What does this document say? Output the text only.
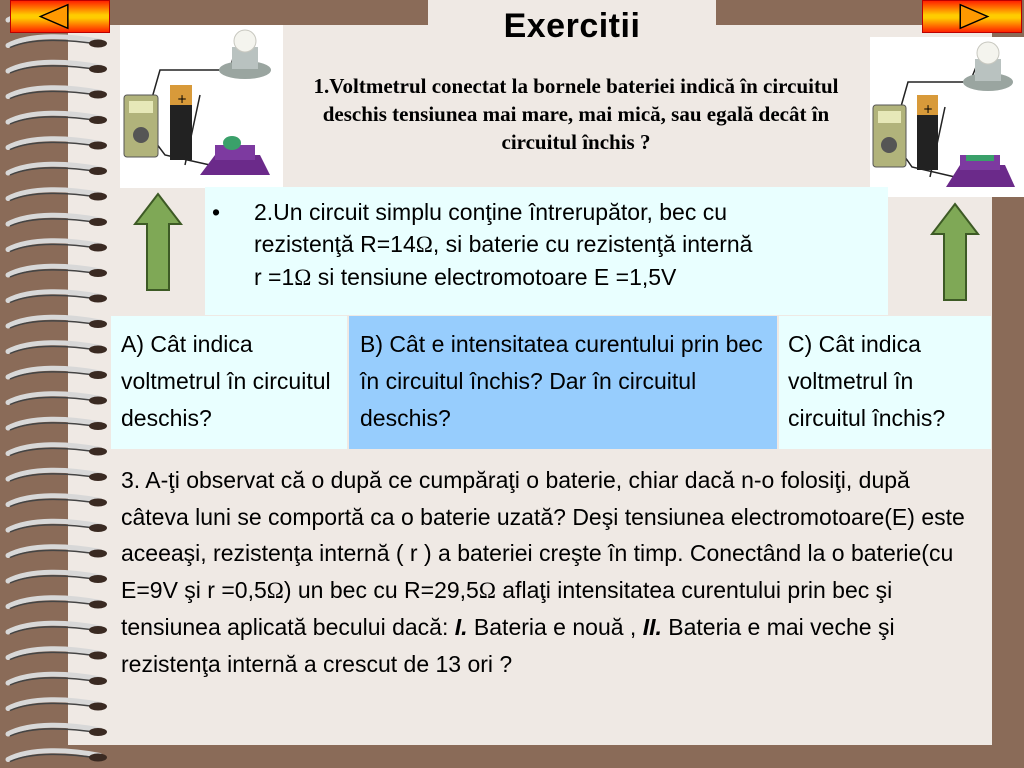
Exercitii
+
+

1.Voltmetrul conectat la bornele bateriei indică în circuitul deschis tensiunea mai mare, mai mică, sau egală decât în circuitul închis ?

• 2.Un circuit simplu conţine întrerupător, bec cu
rezistenţă R=14Ω, si baterie cu rezistenţă internă
r =1Ω si tensiune electromotoare E =1,5V

A) Cât indica voltmetrul în circuitul deschis?
B) Cât e intensitatea curentului prin bec în circuitul închis? Dar în circuitul deschis?
C) Cât indica voltmetrul în circuitul închis?

3. A-ţi observat că o după ce cumpăraţi o baterie, chiar dacă n-o folosiţi, după câteva luni se comportă ca o baterie uzată? Deşi tensiunea electromotoare(E) este aceeaşi, rezistenţa internă ( r ) a bateriei creşte în timp. Conectând la o baterie(cu E=9V şi r =0,5Ω) un bec cu R=29,5Ω aflaţi intensitatea curentului prin bec şi tensiunea aplicată becului dacă: I. Bateria e nouă , II. Bateria e mai veche şi rezistenţa internă a crescut de 13 ori ?
